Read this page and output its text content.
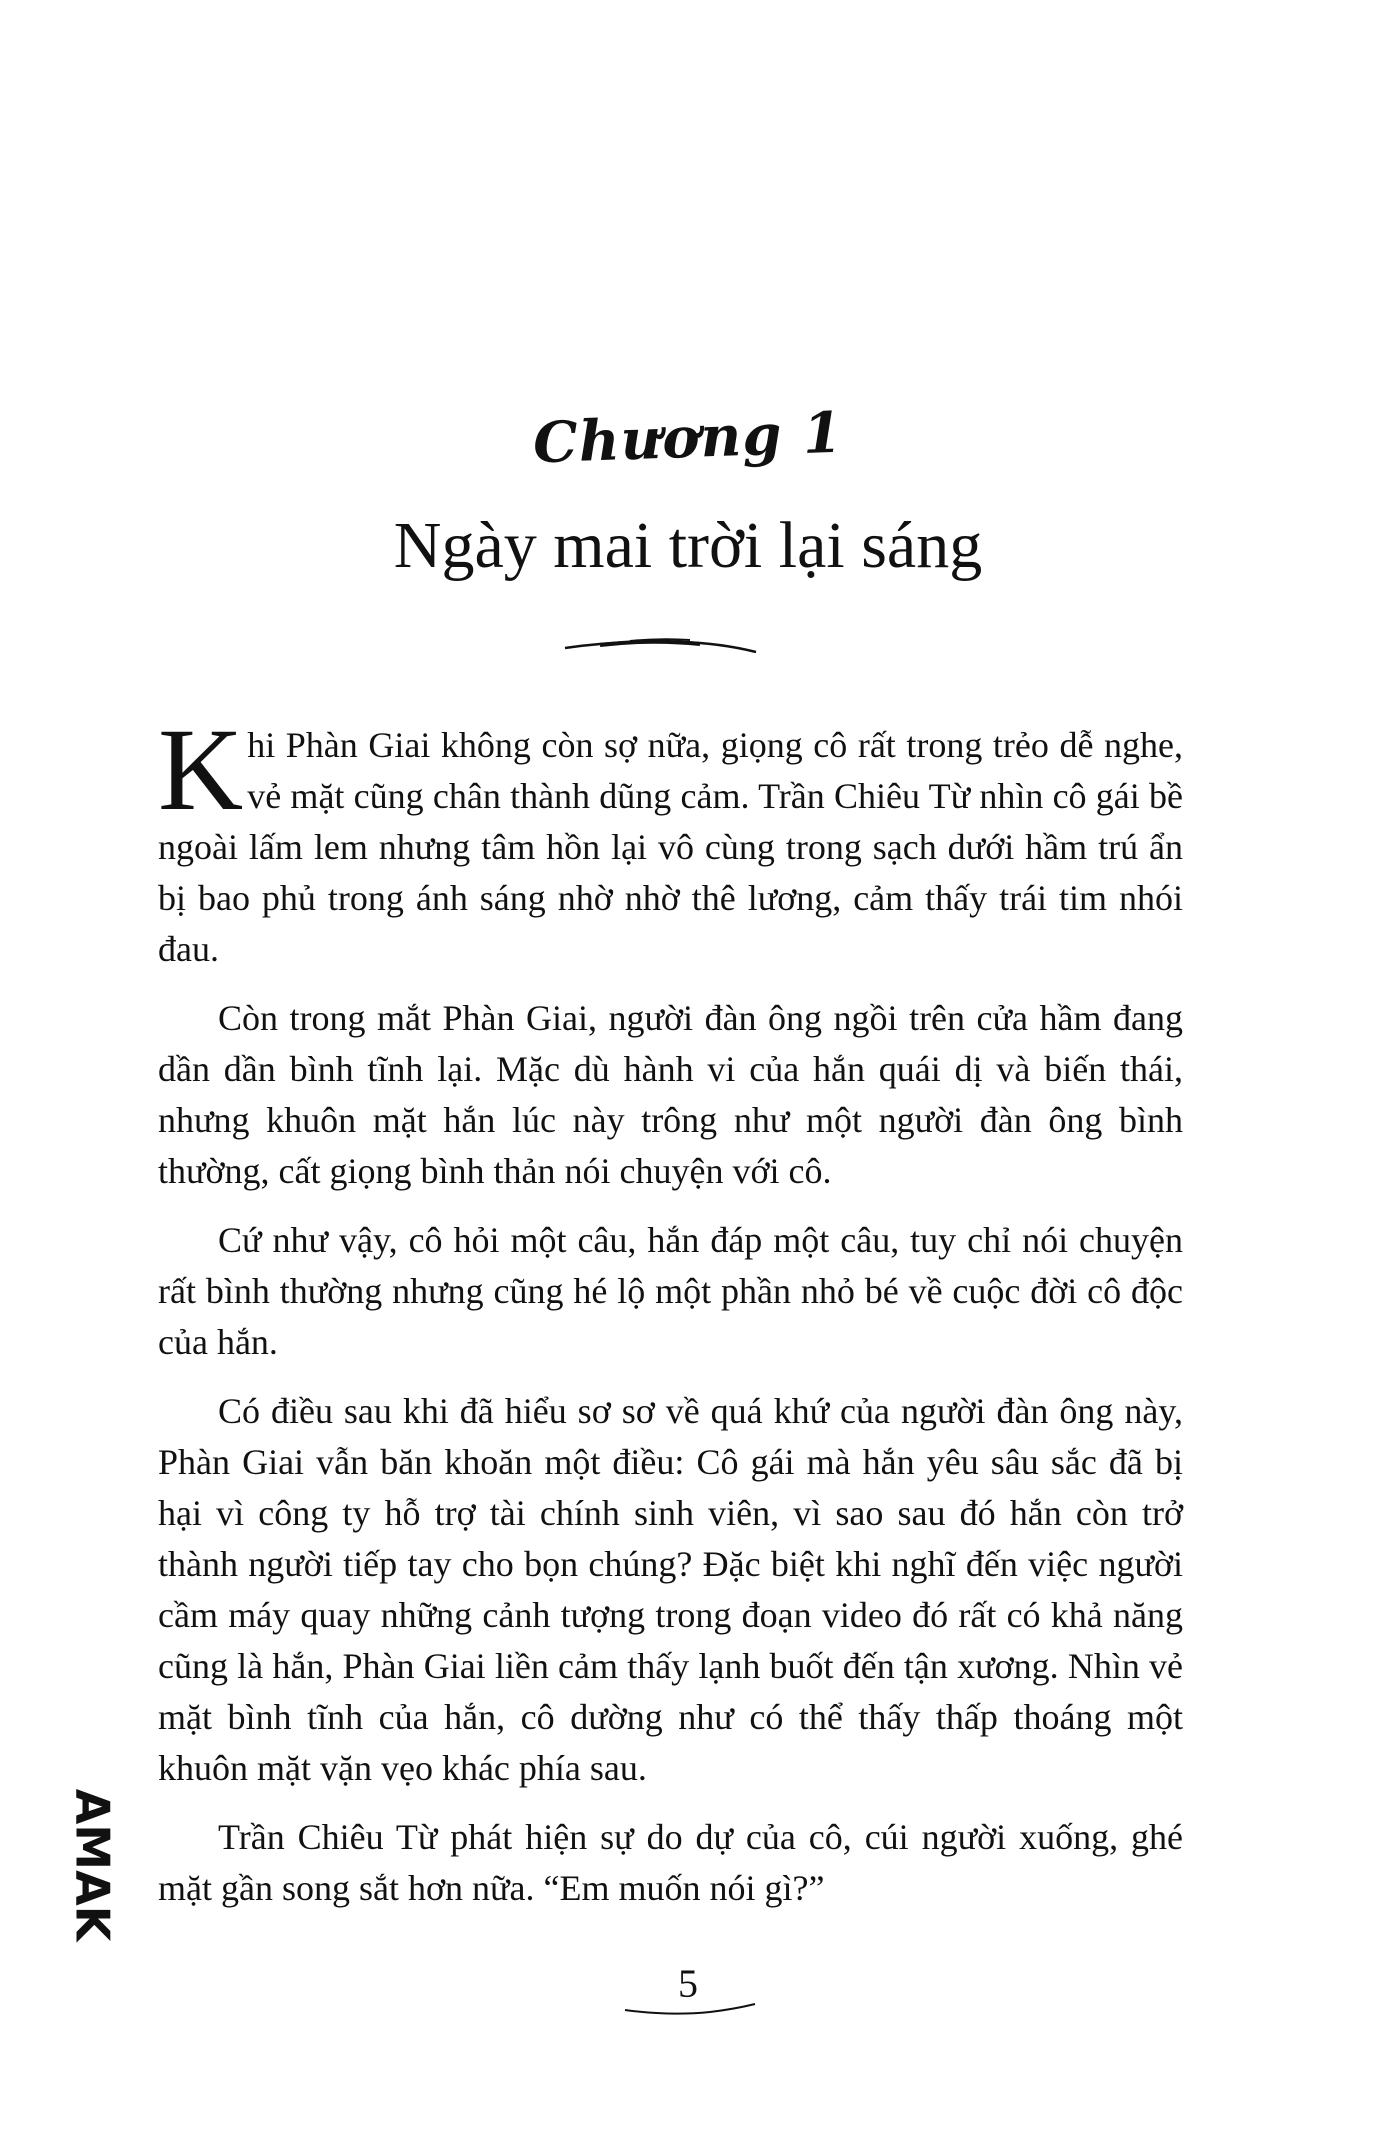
Chương 1
Ngày mai trời lại sáng

Khi Phàn Giai không còn sợ nữa, giọng cô rất trong trẻo dễ nghe, vẻ mặt cũng chân thành dũng cảm. Trần Chiêu Từ nhìn cô gái bề ngoài lấm lem nhưng tâm hồn lại vô cùng trong sạch dưới hầm trú ẩn bị bao phủ trong ánh sáng nhờ nhờ thê lương, cảm thấy trái tim nhói đau.

Còn trong mắt Phàn Giai, người đàn ông ngồi trên cửa hầm đang dần dần bình tĩnh lại. Mặc dù hành vi của hắn quái dị và biến thái, nhưng khuôn mặt hắn lúc này trông như một người đàn ông bình thường, cất giọng bình thản nói chuyện với cô.

Cứ như vậy, cô hỏi một câu, hắn đáp một câu, tuy chỉ nói chuyện rất bình thường nhưng cũng hé lộ một phần nhỏ bé về cuộc đời cô độc của hắn.

Có điều sau khi đã hiểu sơ sơ về quá khứ của người đàn ông này, Phàn Giai vẫn băn khoăn một điều: Cô gái mà hắn yêu sâu sắc đã bị hại vì công ty hỗ trợ tài chính sinh viên, vì sao sau đó hắn còn trở thành người tiếp tay cho bọn chúng? Đặc biệt khi nghĩ đến việc người cầm máy quay những cảnh tượng trong đoạn video đó rất có khả năng cũng là hắn, Phàn Giai liền cảm thấy lạnh buốt đến tận xương. Nhìn vẻ mặt bình tĩnh của hắn, cô dường như có thể thấy thấp thoáng một khuôn mặt vặn vẹo khác phía sau.

Trần Chiêu Từ phát hiện sự do dự của cô, cúi người xuống, ghé mặt gần song sắt hơn nữa. “Em muốn nói gì?”

AMAK
5
